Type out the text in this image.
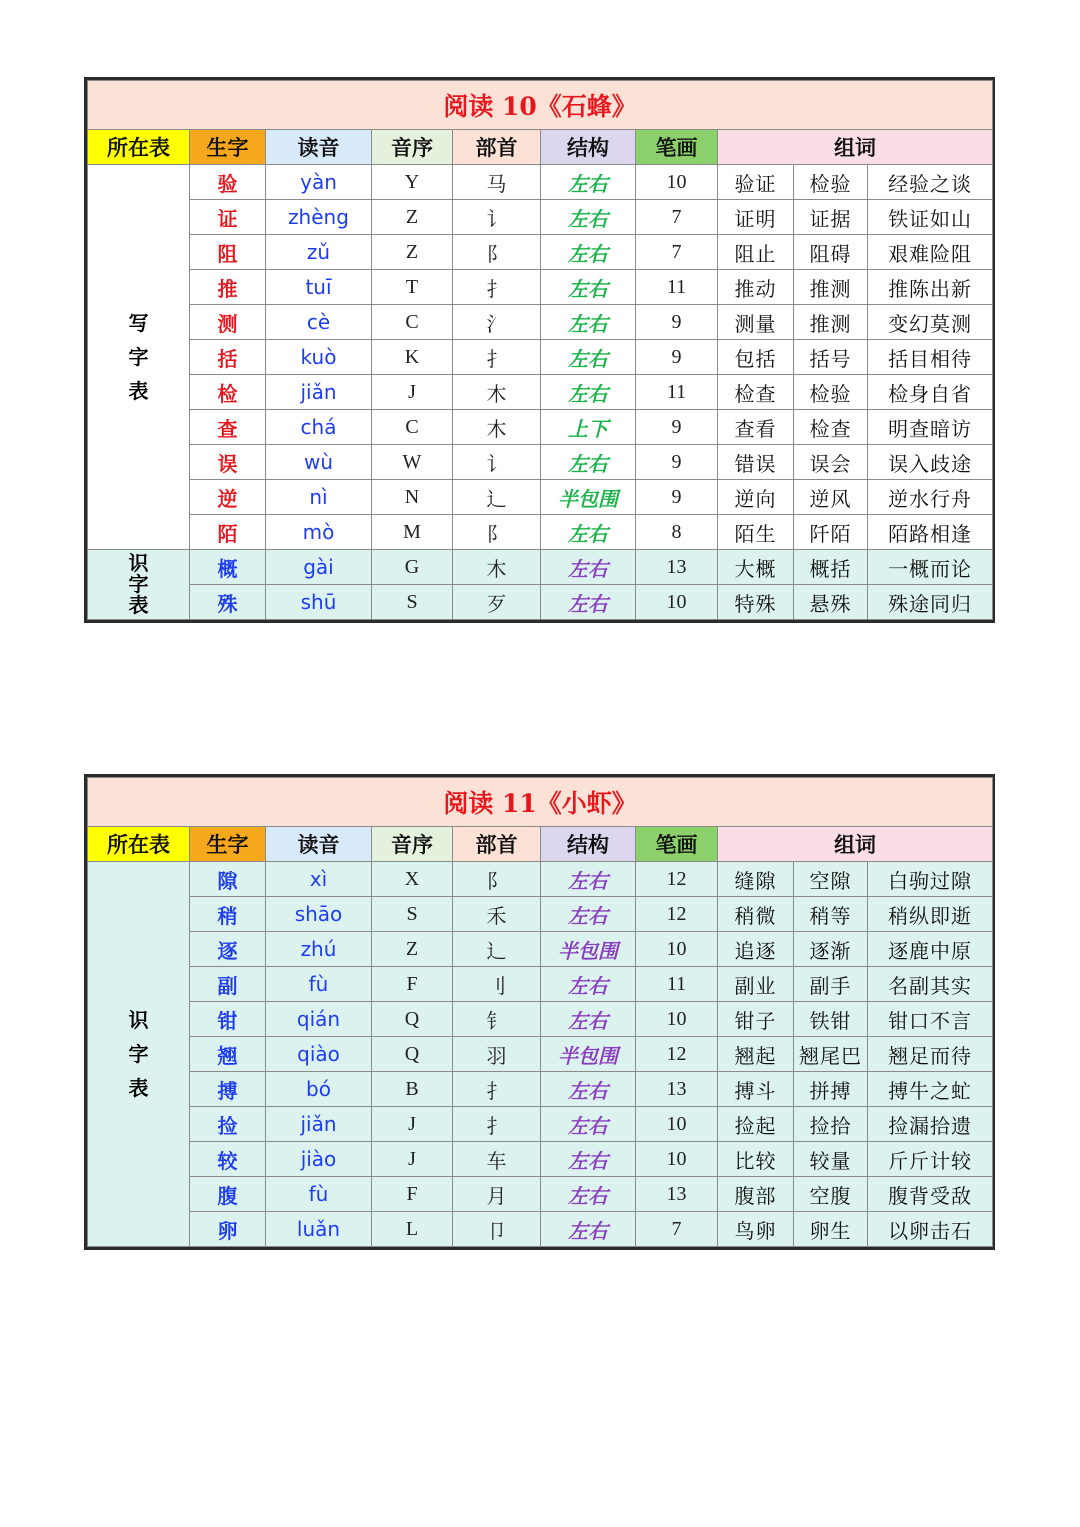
阅读 10《石蜂》									
所在表	生字	读音	音序	部首	结构	笔画	组词		

写
字
表	验	yàn	Y	马	左右	10	验证	检验	经验之谈
	证	zhèng	Z	讠	左右	7	证明	证据	铁证如山
	阻	zǔ	Z	阝	左右	7	阻止	阻碍	艰难险阻
	推	tuī	T	扌	左右	11	推动	推测	推陈出新
	测	cè	C	氵	左右	9	测量	推测	变幻莫测
	括	kuò	K	扌	左右	9	包括	括号	括目相待
	检	jiǎn	J	木	左右	11	检查	检验	检身自省
	查	chá	C	木	上下	9	查看	检查	明查暗访
	误	wù	W	讠	左右	9	错误	误会	误入歧途
	逆	nì	N	辶	半包围	9	逆向	逆风	逆水行舟
	陌	mò	M	阝	左右	8	陌生	阡陌	陌路相逢

识
字
表	概	gài	G	木	左右	13	大概	概括	一概而论
	殊	shū	S	歹	左右	10	特殊	悬殊	殊途同归
阅读 11《小虾》									
所在表	生字	读音	音序	部首	结构	笔画	组词		

识
字
表	隙	xì	X	阝	左右	12	缝隙	空隙	白驹过隙
	稍	shāo	S	禾	左右	12	稍微	稍等	稍纵即逝
	逐	zhú	Z	辶	半包围	10	追逐	逐渐	逐鹿中原
	副	fù	F	刂	左右	11	副业	副手	名副其实
	钳	qián	Q	钅	左右	10	钳子	铁钳	钳口不言
	翘	qiào	Q	羽	半包围	12	翘起	翘尾巴	翘足而待
	搏	bó	B	扌	左右	13	搏斗	拼搏	搏牛之虻
	捡	jiǎn	J	扌	左右	10	捡起	捡拾	捡漏拾遗
	较	jiào	J	车	左右	10	比较	较量	斤斤计较
	腹	fù	F	月	左右	13	腹部	空腹	腹背受敌
	卵	luǎn	L	卩	左右	7	鸟卵	卵生	以卵击石
